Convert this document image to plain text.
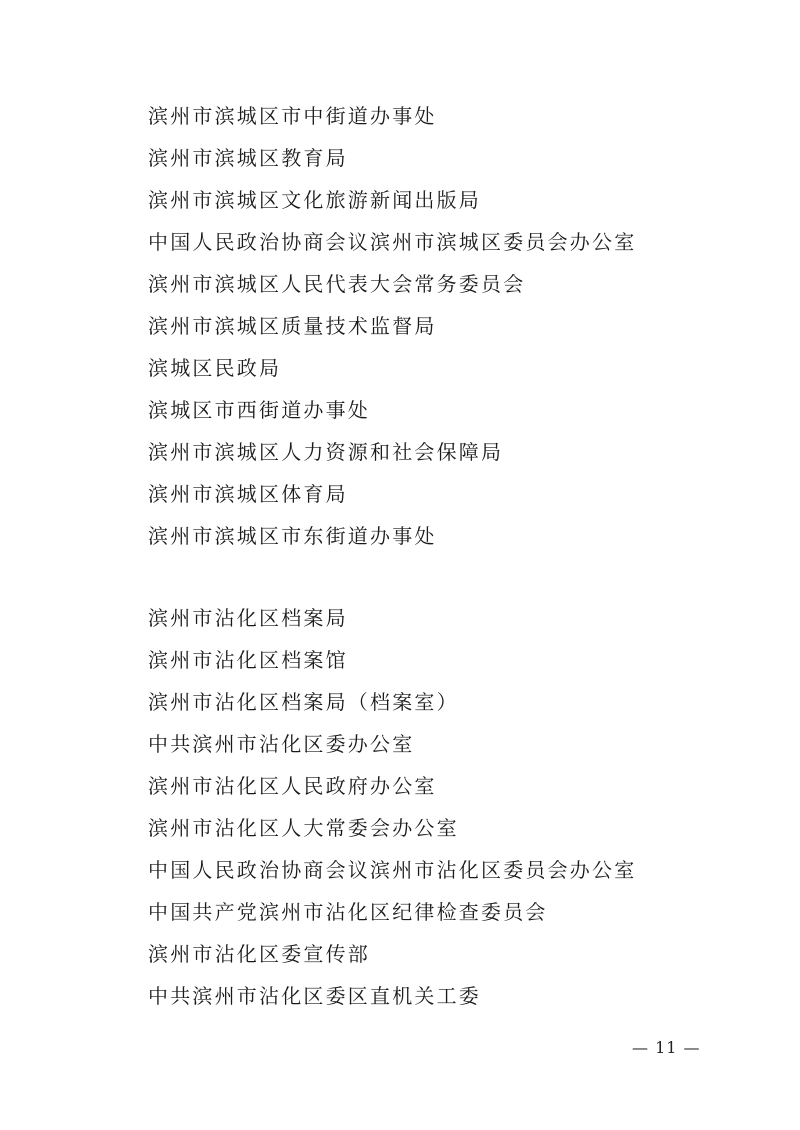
滨州市滨城区市中街道办事处
滨州市滨城区教育局
滨州市滨城区文化旅游新闻出版局
中国人民政治协商会议滨州市滨城区委员会办公室
滨州市滨城区人民代表大会常务委员会
滨州市滨城区质量技术监督局
滨城区民政局
滨城区市西街道办事处
滨州市滨城区人力资源和社会保障局
滨州市滨城区体育局
滨州市滨城区市东街道办事处
滨州市沾化区档案局
滨州市沾化区档案馆
滨州市沾化区档案局（档案室）
中共滨州市沾化区委办公室
滨州市沾化区人民政府办公室
滨州市沾化区人大常委会办公室
中国人民政治协商会议滨州市沾化区委员会办公室
中国共产党滨州市沾化区纪律检查委员会
滨州市沾化区委宣传部
中共滨州市沾化区委区直机关工委
— 11 —
